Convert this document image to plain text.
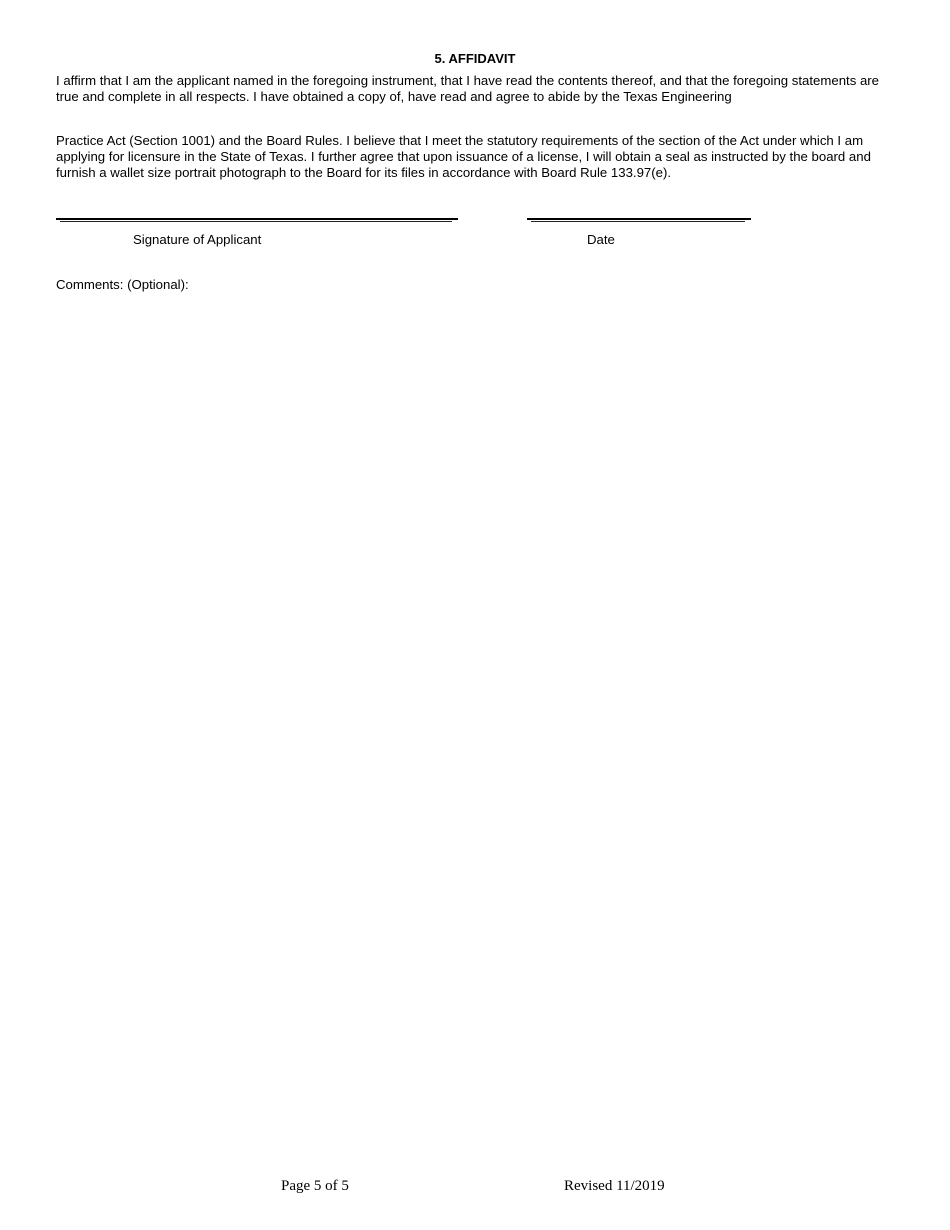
5. AFFIDAVIT

I affirm that I am the applicant named in the foregoing instrument, that I have read the contents thereof, and that the foregoing statements are true and complete in all respects. I have obtained a copy of, have read and agree to abide by the Texas Engineering

Practice Act (Section 1001) and the Board Rules. I believe that I meet the statutory requirements of the section of the Act under which I am applying for licensure in the State of Texas. I further agree that upon issuance of a license, I will obtain a seal as instructed by the board and furnish a wallet size portrait photograph to the Board for its files in accordance with Board Rule 133.97(e).

Signature of Applicant	Date
Comments: (Optional):
Page 5 of 5	Revised 11/2019
